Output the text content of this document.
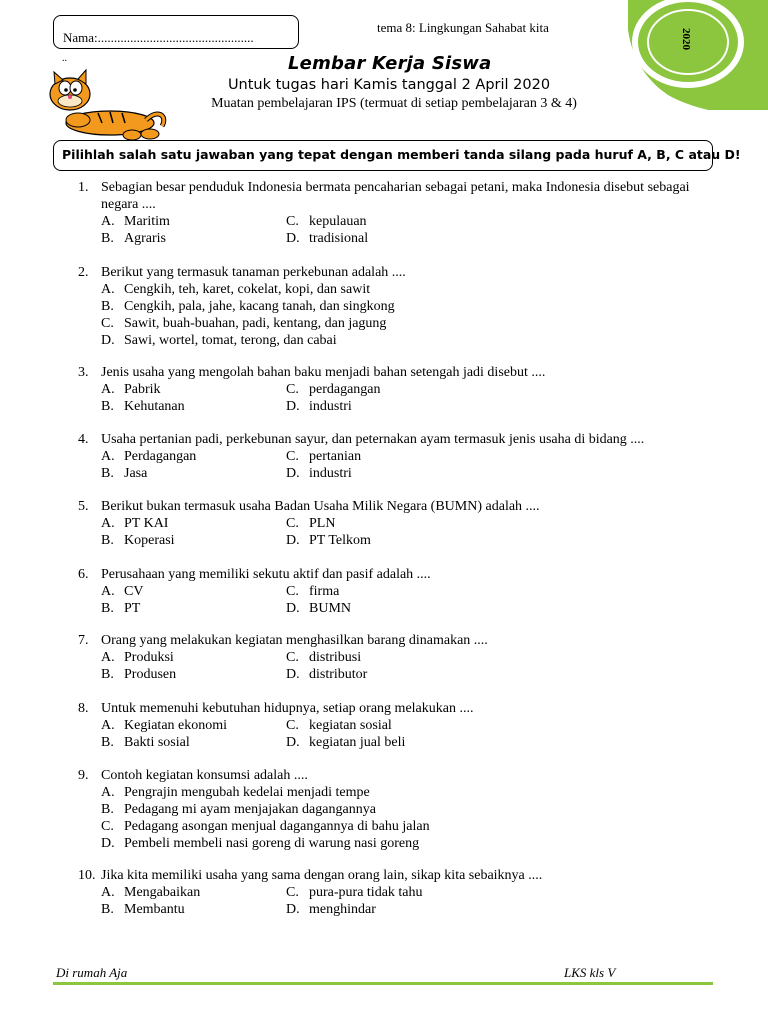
Nama:................................................
tema 8: Lingkungan Sahabat kita
..
2020
Lembar Kerja Siswa
Untuk tugas hari Kamis tanggal 2 April 2020
Muatan pembelajaran IPS (termuat di setiap pembelajaran 3 & 4)
Pilihlah salah satu jawaban yang tepat dengan memberi tanda silang pada huruf A, B, C atau D!
1. Sebagian besar penduduk Indonesia bermata pencaharian sebagai petani, maka Indonesia disebut sebagai negara ....
A. Maritim	C. kepulauan
B. Agraris	D. tradisional
2. Berikut yang termasuk tanaman perkebunan adalah ....
A. Cengkih, teh, karet, cokelat, kopi, dan sawit
B. Cengkih, pala, jahe, kacang tanah, dan singkong
C. Sawit, buah-buahan, padi, kentang, dan jagung
D. Sawi, wortel, tomat, terong, dan cabai
3. Jenis usaha yang mengolah bahan baku menjadi bahan setengah jadi disebut ....
A. Pabrik	C. perdagangan
B. Kehutanan	D. industri
4. Usaha pertanian padi, perkebunan sayur, dan peternakan ayam termasuk jenis usaha di bidang ....
A. Perdagangan	C. pertanian
B. Jasa	D. industri
5. Berikut bukan termasuk usaha Badan Usaha Milik Negara (BUMN) adalah ....
A. PT KAI	C. PLN
B. Koperasi	D. PT Telkom
6. Perusahaan yang memiliki sekutu aktif dan pasif adalah ....
A. CV	C. firma
B. PT	D. BUMN
7. Orang yang melakukan kegiatan menghasilkan barang dinamakan ....
A. Produksi	C. distribusi
B. Produsen	D. distributor
8. Untuk memenuhi kebutuhan hidupnya, setiap orang melakukan ....
A. Kegiatan ekonomi	C. kegiatan sosial
B. Bakti sosial	D. kegiatan jual beli
9. Contoh kegiatan konsumsi adalah ....
A. Pengrajin mengubah kedelai menjadi tempe
B. Pedagang mi ayam menjajakan dagangannya
C. Pedagang asongan menjual dagangannya di bahu jalan
D. Pembeli membeli nasi goreng di warung nasi goreng
10. Jika kita memiliki usaha yang sama dengan orang lain, sikap kita sebaiknya ....
A. Mengabaikan	C. pura-pura tidak tahu
B. Membantu	D. menghindar
Di rumah Aja	LKS kls V
